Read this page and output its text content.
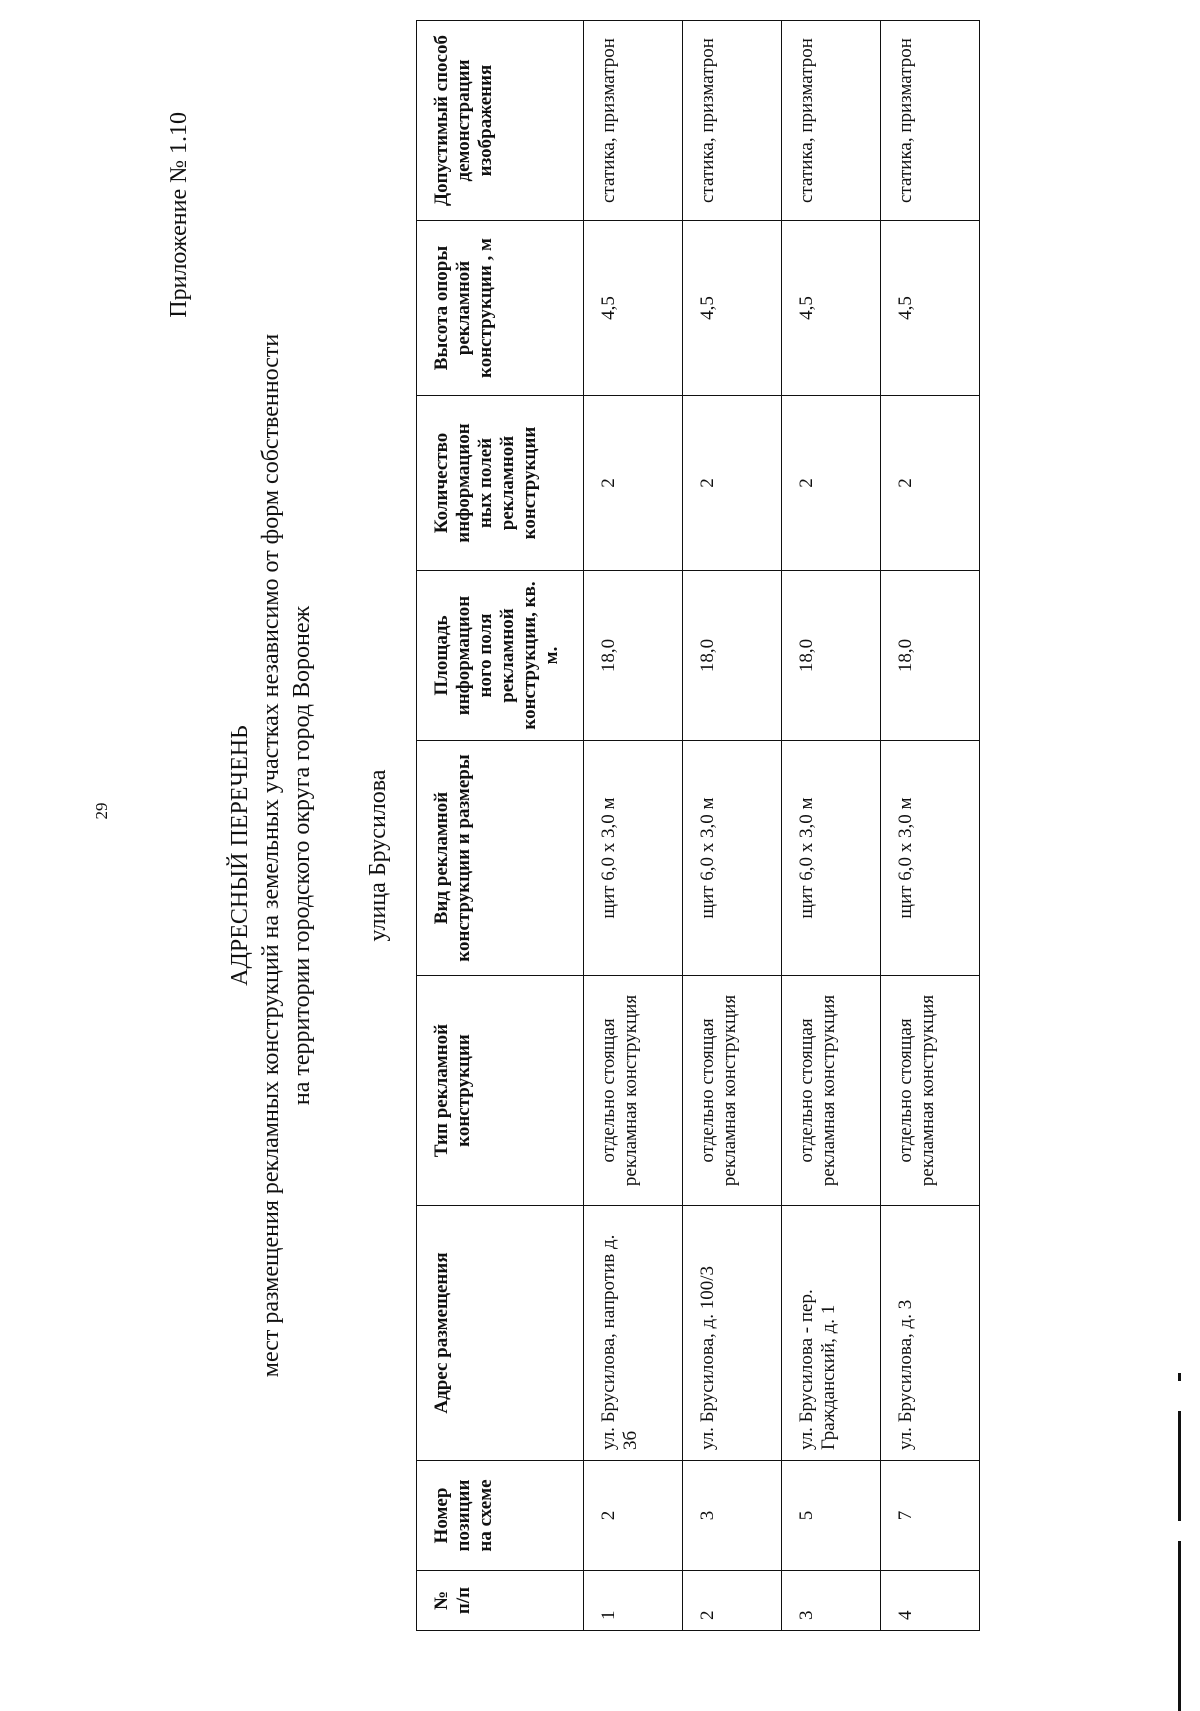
29
Приложение № 1.10
АДРЕСНЫЙ ПЕРЕЧЕНЬ мест размещения рекламных конструкций на земельных участках независимо от форм собственности на территории городского округа город Воронеж улица Брусилова
№ п/п	Номер позиции на схеме	Адрес размещения	Тип рекламной конструкции	Вид рекламной конструкции и размеры	Площадь информацион ного поля рекламной конструкции, кв. м.	Количество информацион ных полей рекламной конструкции	Высота опоры рекламной конструкции , м	Допустимый способ демонстрации изображения
1	2	ул. Брусилова, напротив д. 3б	отдельно стоящая рекламная конструкция	щит 6,0 х 3,0 м	18,0	2	4,5	статика, призматрон
2	3	ул. Брусилова, д. 100/3	отдельно стоящая рекламная конструкция	щит 6,0 х 3,0 м	18,0	2	4,5	статика, призматрон
3	5	ул. Брусилова - пер. Гражданский, д. 1	отдельно стоящая рекламная конструкция	щит 6,0 х 3,0 м	18,0	2	4,5	статика, призматрон
4	7	ул. Брусилова, д. 3	отдельно стоящая рекламная конструкция	щит 6,0 х 3,0 м	18,0	2	4,5	статика, призматрон
